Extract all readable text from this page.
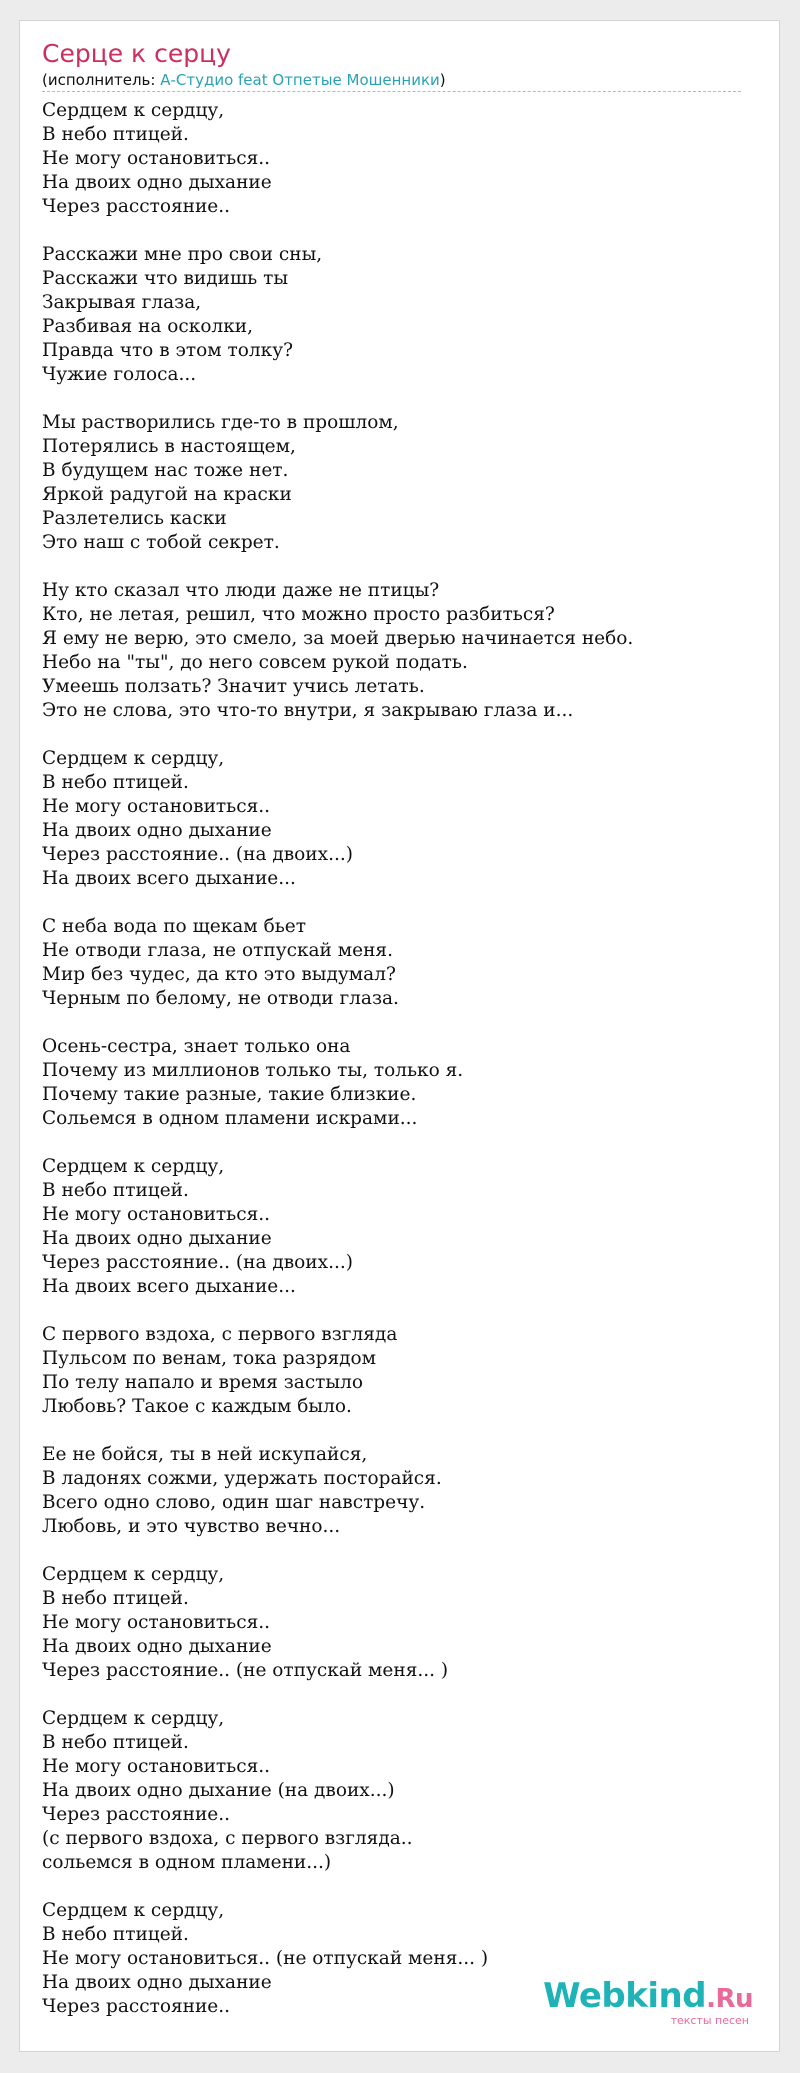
Серце к серцу
(исполнитель: А-Студио feat Отпетые Мошенники)
Сердцем к сердцу,
В небо птицей.
Не могу остановиться..
На двоих одно дыхание
Через расстояние..
Расскажи мне про свои сны,
Расскажи что видишь ты
Закрывая глаза,
Разбивая на осколки,
Правда что в этом толку?
Чужие голоса...
Мы растворились где-то в прошлом,
Потерялись в настоящем,
В будущем нас тоже нет.
Яркой радугой на краски
Разлетелись каски
Это наш с тобой секрет.
Ну кто сказал что люди даже не птицы?
Кто, не летая, решил, что можно просто разбиться?
Я ему не верю, это смело, за моей дверью начинается небо.
Небо на "ты", до него совсем рукой подать.
Умеешь ползать? Значит учись летать.
Это не слова, это что-то внутри, я закрываю глаза и...
Сердцем к сердцу,
В небо птицей.
Не могу остановиться..
На двоих одно дыхание
Через расстояние.. (на двоих...)
На двоих всего дыхание...
С неба вода по щекам бьет
Не отводи глаза, не отпускай меня.
Мир без чудес, да кто это выдумал?
Черным по белому, не отводи глаза.
Осень-сестра, знает только она
Почему из миллионов только ты, только я.
Почему такие разные, такие близкие.
Сольемся в одном пламени искрами...
Сердцем к сердцу,
В небо птицей.
Не могу остановиться..
На двоих одно дыхание
Через расстояние.. (на двоих...)
На двоих всего дыхание...
С первого вздоха, с первого взгляда
Пульсом по венам, тока разрядом
По телу напало и время застыло
Любовь? Такое с каждым было.
Ее не бойся, ты в ней искупайся,
В ладонях сожми, удержать посторайся.
Всего одно слово, один шаг навстречу.
Любовь, и это чувство вечно...
Сердцем к сердцу,
В небо птицей.
Не могу остановиться..
На двоих одно дыхание
Через расстояние.. (не отпускай меня... )
Сердцем к сердцу,
В небо птицей.
Не могу остановиться..
На двоих одно дыхание (на двоих...)
Через расстояние..
(с первого вздоха, с первого взгляда..
сольемся в одном пламени...)
Сердцем к сердцу,
В небо птицей.
Не могу остановиться.. (не отпускай меня... )
На двоих одно дыхание
Через расстояние..	Webkind.Ru
тексты песен
